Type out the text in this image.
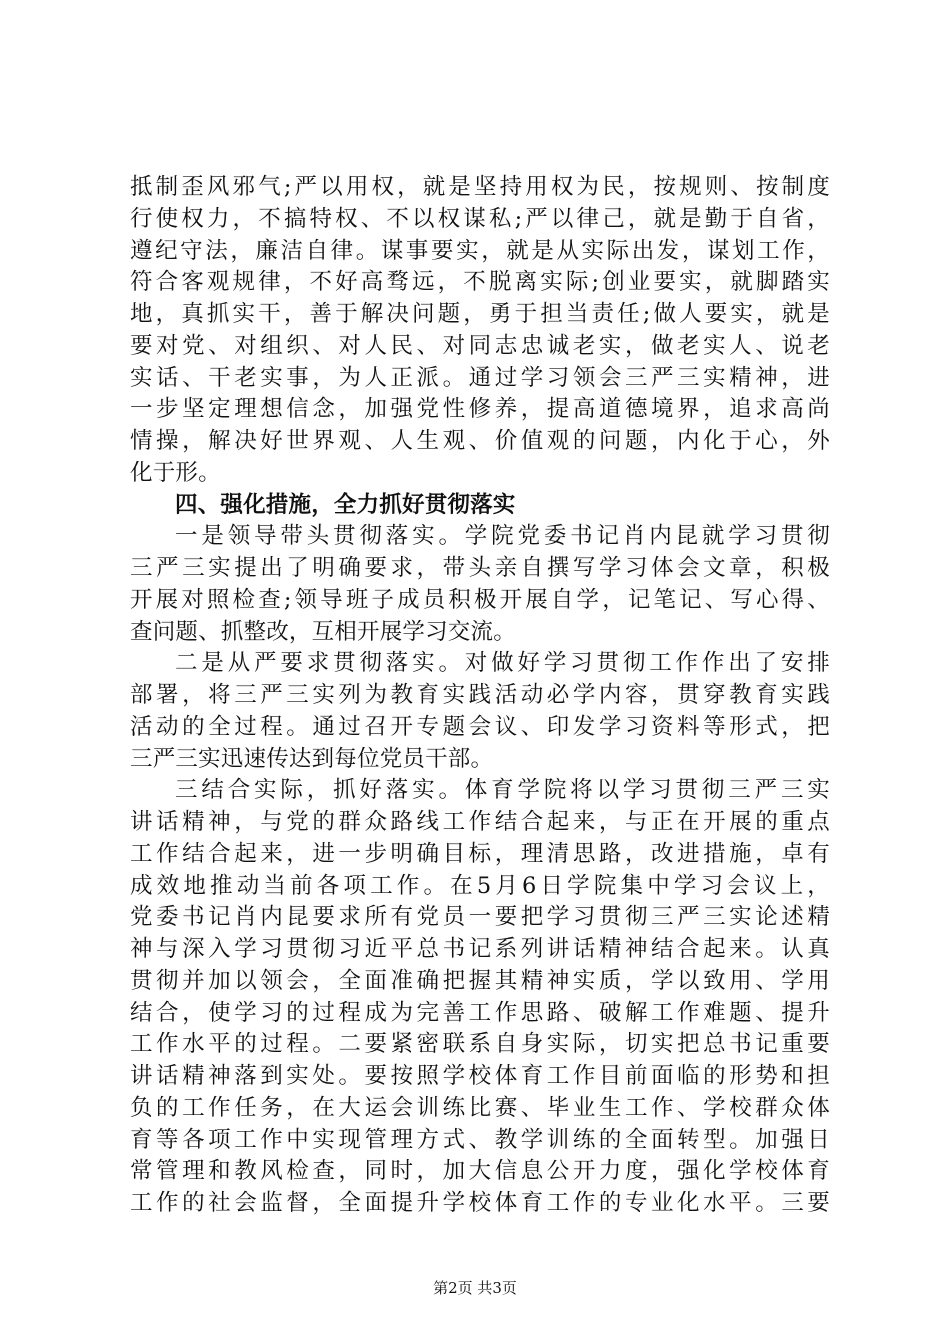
抵制歪风邪气;严以用权，就是坚持用权为民，按规则、按制度
行使权力，不搞特权、不以权谋私;严以律己，就是勤于自省，
遵纪守法，廉洁自律。谋事要实，就是从实际出发，谋划工作，
符合客观规律，不好高骛远，不脱离实际;创业要实，就脚踏实
地，真抓实干，善于解决问题，勇于担当责任;做人要实，就是
要对党、对组织、对人民、对同志忠诚老实，做老实人、说老
实话、干老实事，为人正派。通过学习领会三严三实精神，进
一步坚定理想信念，加强党性修养，提高道德境界，追求高尚
情操，解决好世界观、人生观、价值观的问题，内化于心，外
化于形。
四、强化措施，全力抓好贯彻落实
一是领导带头贯彻落实。学院党委书记肖内昆就学习贯彻
三严三实提出了明确要求，带头亲自撰写学习体会文章，积极
开展对照检查;领导班子成员积极开展自学，记笔记、写心得、
查问题、抓整改，互相开展学习交流。
二是从严要求贯彻落实。对做好学习贯彻工作作出了安排
部署，将三严三实列为教育实践活动必学内容，贯穿教育实践
活动的全过程。通过召开专题会议、印发学习资料等形式，把
三严三实迅速传达到每位党员干部。
三结合实际，抓好落实。体育学院将以学习贯彻三严三实
讲话精神，与党的群众路线工作结合起来，与正在开展的重点
工作结合起来，进一步明确目标，理清思路，改进措施，卓有
成效地推动当前各项工作。在5月6日学院集中学习会议上，
党委书记肖内昆要求所有党员一要把学习贯彻三严三实论述精
神与深入学习贯彻习近平总书记系列讲话精神结合起来。认真
贯彻并加以领会，全面准确把握其精神实质，学以致用、学用
结合，使学习的过程成为完善工作思路、破解工作难题、提升
工作水平的过程。二要紧密联系自身实际，切实把总书记重要
讲话精神落到实处。要按照学校体育工作目前面临的形势和担
负的工作任务，在大运会训练比赛、毕业生工作、学校群众体
育等各项工作中实现管理方式、教学训练的全面转型。加强日
常管理和教风检查，同时，加大信息公开力度，强化学校体育
工作的社会监督，全面提升学校体育工作的专业化水平。三要
第2页 共3页
